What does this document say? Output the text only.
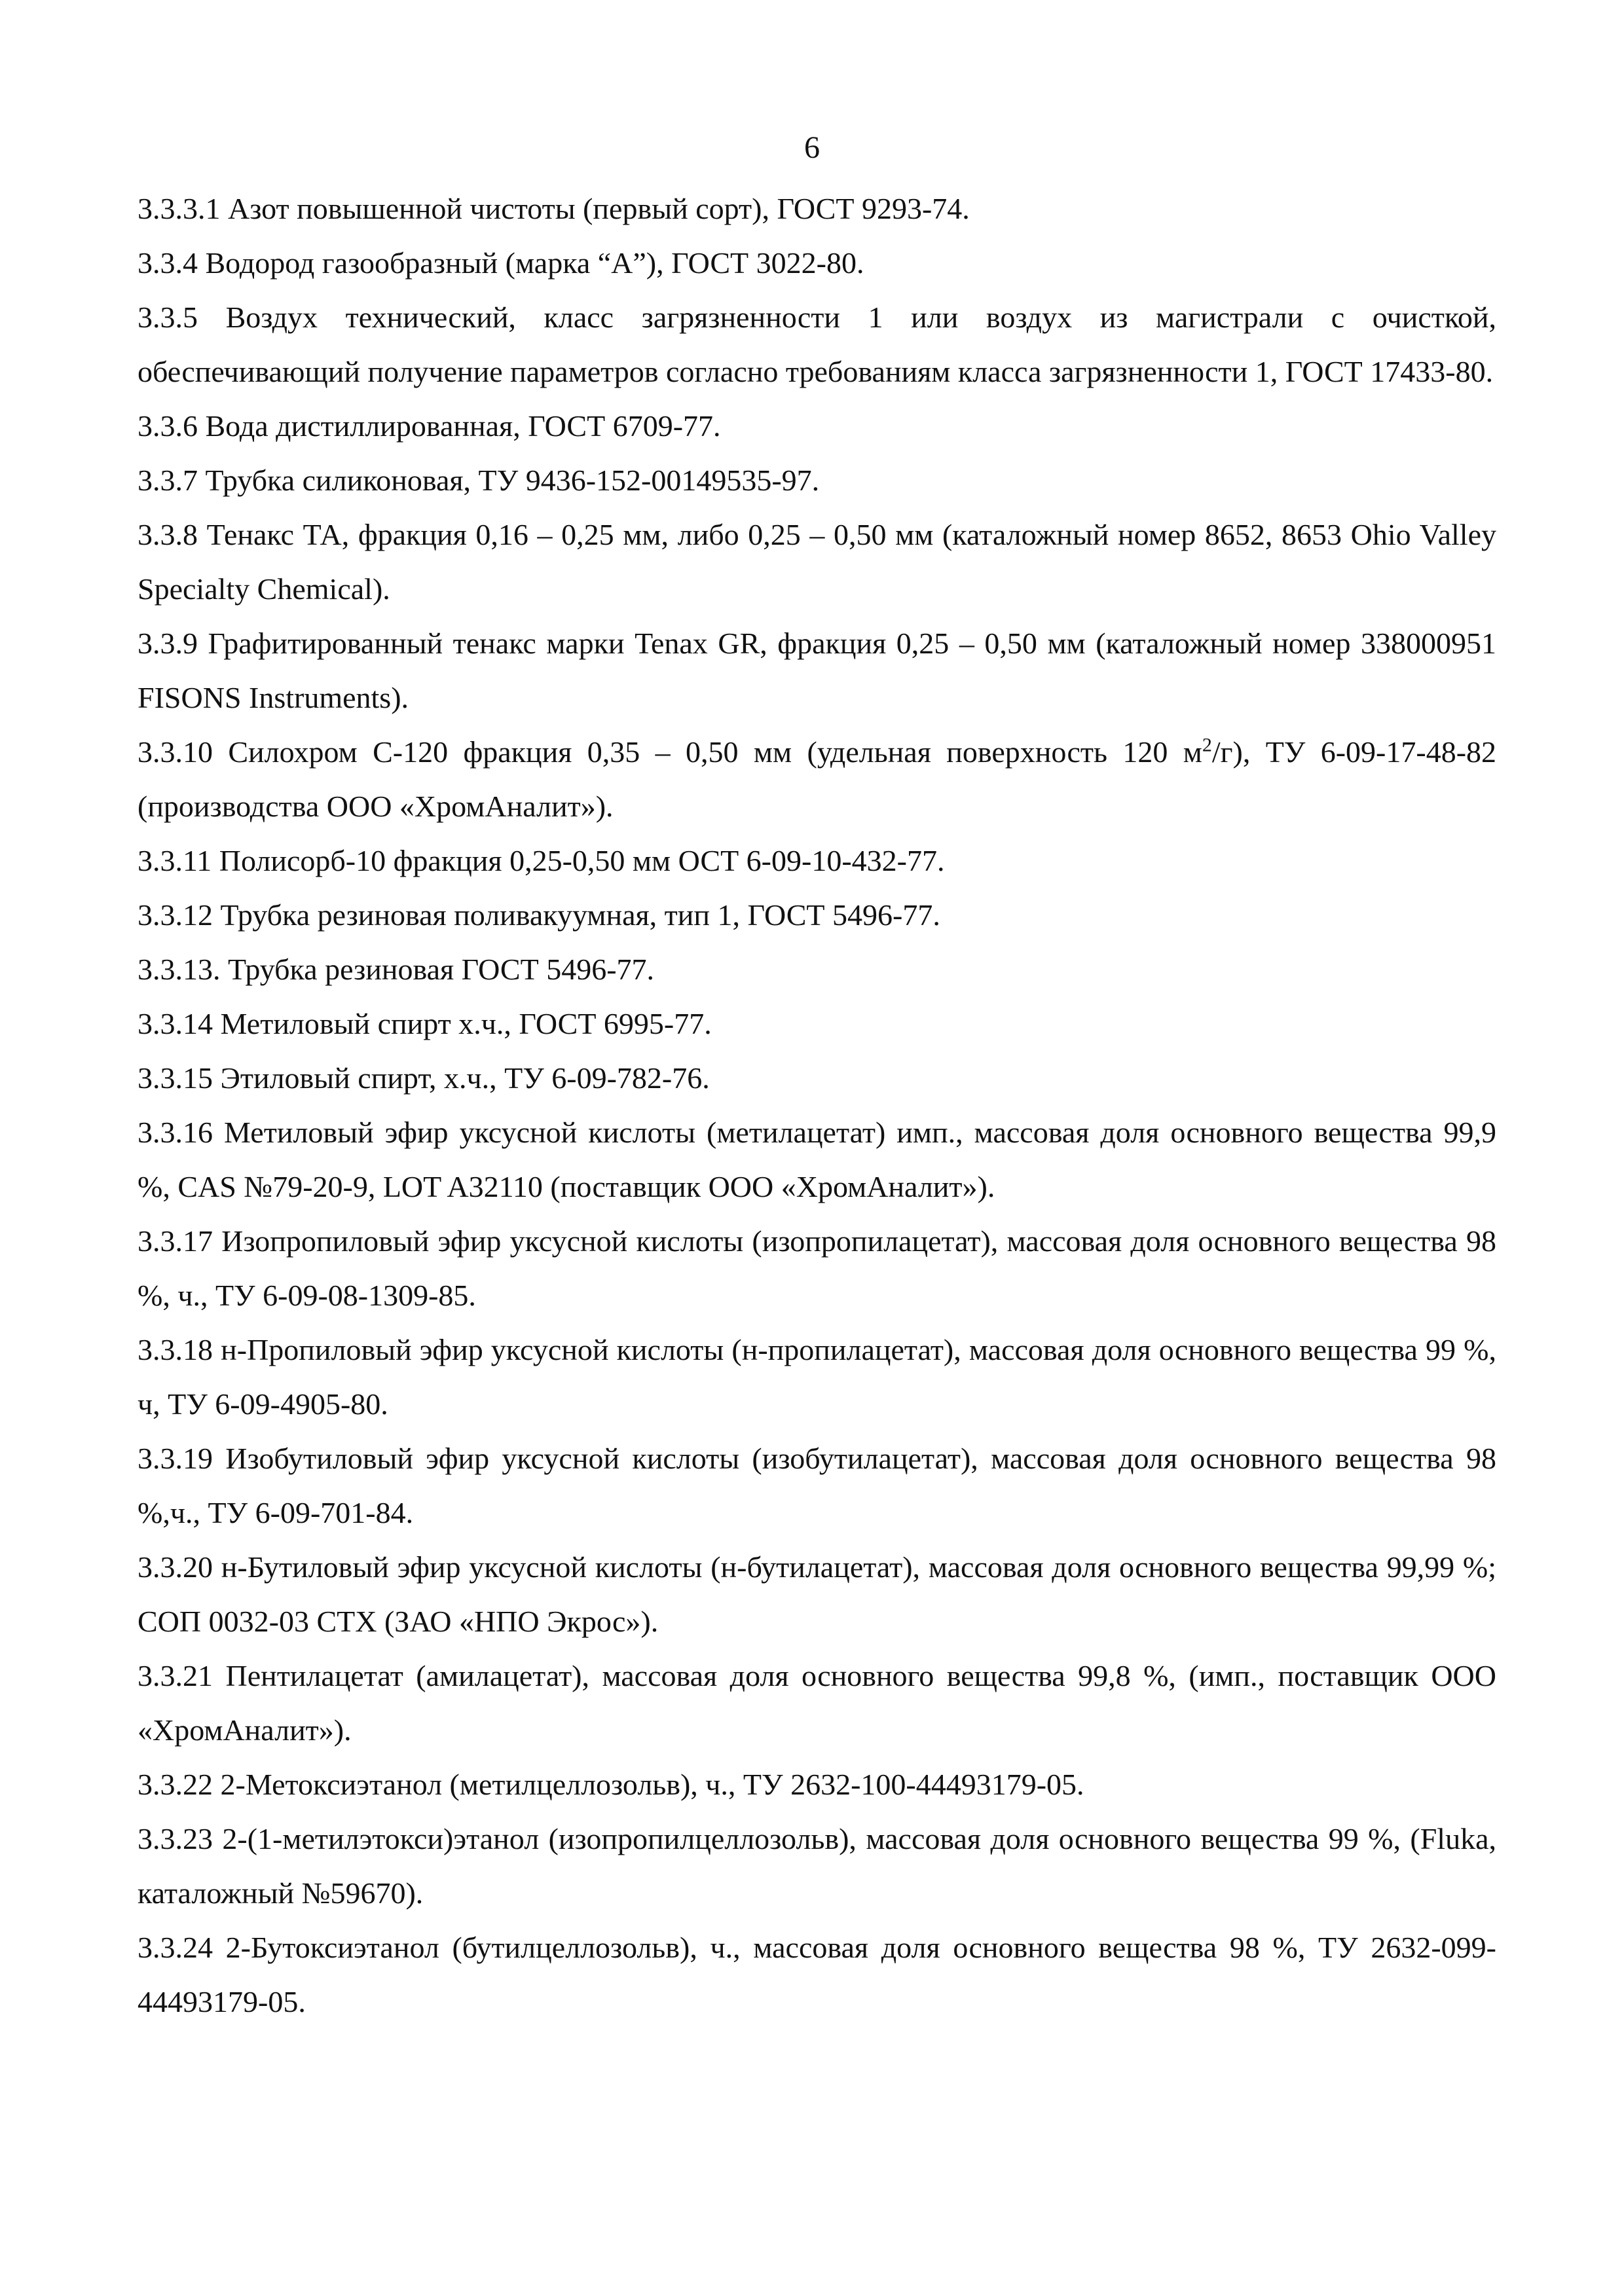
6

3.3.3.1 Азот повышенной чистоты (первый сорт), ГОСТ 9293-74.

3.3.4 Водород газообразный (марка “А”), ГОСТ 3022-80.

3.3.5 Воздух технический, класс загрязненности 1 или воздух из магистрали с очисткой, обеспечивающий получение параметров согласно требованиям класса загрязненности 1, ГОСТ 17433-80.

3.3.6 Вода дистиллированная, ГОСТ 6709-77.

3.3.7 Трубка силиконовая, ТУ 9436-152-00149535-97.

3.3.8 Тенакс ТА, фракция 0,16 – 0,25 мм, либо 0,25 – 0,50 мм (каталожный номер 8652, 8653 Ohio Valley Specialty Chemical).

3.3.9 Графитированный тенакс марки Tenax GR, фракция 0,25 – 0,50 мм (каталожный номер 338000951 FISONS Instruments).

3.3.10 Силохром С-120 фракция 0,35 – 0,50 мм (удельная поверхность 120 $м^2/г$), ТУ 6-09-17-48-82 (производства ООО «ХромАналит»).

3.3.11 Полисорб-10 фракция 0,25-0,50 мм ОСТ 6-09-10-432-77.

3.3.12 Трубка резиновая поливакуумная, тип 1, ГОСТ 5496-77.

3.3.13. Трубка резиновая ГОСТ 5496-77.

3.3.14 Метиловый спирт х.ч., ГОСТ 6995-77.

3.3.15 Этиловый спирт, х.ч., ТУ 6-09-782-76.

3.3.16 Метиловый эфир уксусной кислоты (метилацетат) имп., массовая доля основного вещества 99,9 %, CAS №79-20-9, LOT A32110 (поставщик ООО «ХромАналит»).

3.3.17 Изопропиловый эфир уксусной кислоты (изопропилацетат), массовая доля основного вещества 98 %, ч., ТУ 6-09-08-1309-85.

3.3.18 н-Пропиловый эфир уксусной кислоты (н-пропилацетат), массовая доля основного вещества 99 %, ч, ТУ 6-09-4905-80.

3.3.19 Изобутиловый эфир уксусной кислоты (изобутилацетат), массовая доля основного вещества 98 %,ч., ТУ 6-09-701-84.

3.3.20 н-Бутиловый эфир уксусной кислоты (н-бутилацетат), массовая доля основного вещества 99,99 %; СОП 0032-03 СТХ (ЗАО «НПО Экрос»).

3.3.21 Пентилацетат (амилацетат), массовая доля основного вещества 99,8 %, (имп., поставщик ООО «ХромАналит»).

3.3.22 2-Метоксиэтанол (метилцеллозольв), ч., ТУ 2632-100-44493179-05.

3.3.23 2-(1-метилэтокси)этанол (изопропилцеллозольв), массовая доля основного вещества 99 %, (Fluka, каталожный №59670).

3.3.24 2-Бутоксиэтанол (бутилцеллозольв), ч., массовая доля основного вещества 98 %, ТУ 2632-099-44493179-05.
